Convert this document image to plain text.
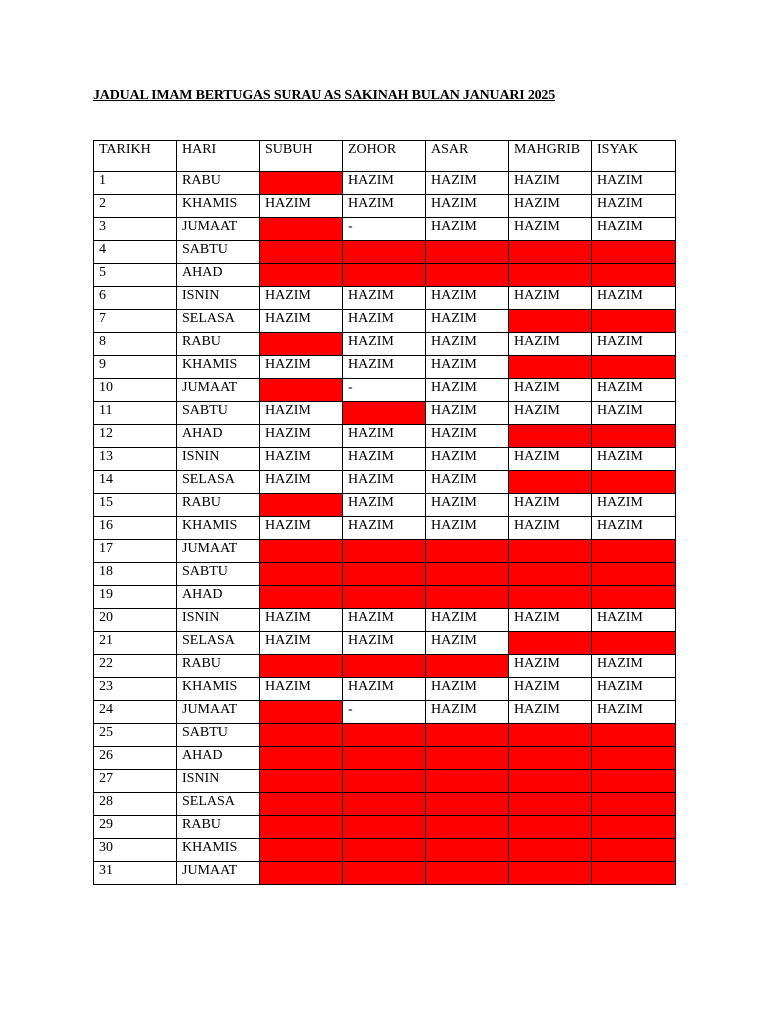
JADUAL IMAM BERTUGAS SURAU AS SAKINAH BULAN JANUARI 2025
TARIKH	HARI	SUBUH	ZOHOR	ASAR	MAHGRIB	ISYAK
1	RABU		HAZIM	HAZIM	HAZIM	HAZIM
2	KHAMIS	HAZIM	HAZIM	HAZIM	HAZIM	HAZIM
3	JUMAAT		-	HAZIM	HAZIM	HAZIM
4	SABTU					
5	AHAD					
6	ISNIN	HAZIM	HAZIM	HAZIM	HAZIM	HAZIM
7	SELASA	HAZIM	HAZIM	HAZIM		
8	RABU		HAZIM	HAZIM	HAZIM	HAZIM
9	KHAMIS	HAZIM	HAZIM	HAZIM		
10	JUMAAT		-	HAZIM	HAZIM	HAZIM
11	SABTU	HAZIM		HAZIM	HAZIM	HAZIM
12	AHAD	HAZIM	HAZIM	HAZIM		
13	ISNIN	HAZIM	HAZIM	HAZIM	HAZIM	HAZIM
14	SELASA	HAZIM	HAZIM	HAZIM		
15	RABU		HAZIM	HAZIM	HAZIM	HAZIM
16	KHAMIS	HAZIM	HAZIM	HAZIM	HAZIM	HAZIM
17	JUMAAT					
18	SABTU					
19	AHAD					
20	ISNIN	HAZIM	HAZIM	HAZIM	HAZIM	HAZIM
21	SELASA	HAZIM	HAZIM	HAZIM		
22	RABU				HAZIM	HAZIM
23	KHAMIS	HAZIM	HAZIM	HAZIM	HAZIM	HAZIM
24	JUMAAT		-	HAZIM	HAZIM	HAZIM
25	SABTU					
26	AHAD					
27	ISNIN					
28	SELASA					
29	RABU					
30	KHAMIS					
31	JUMAAT					
